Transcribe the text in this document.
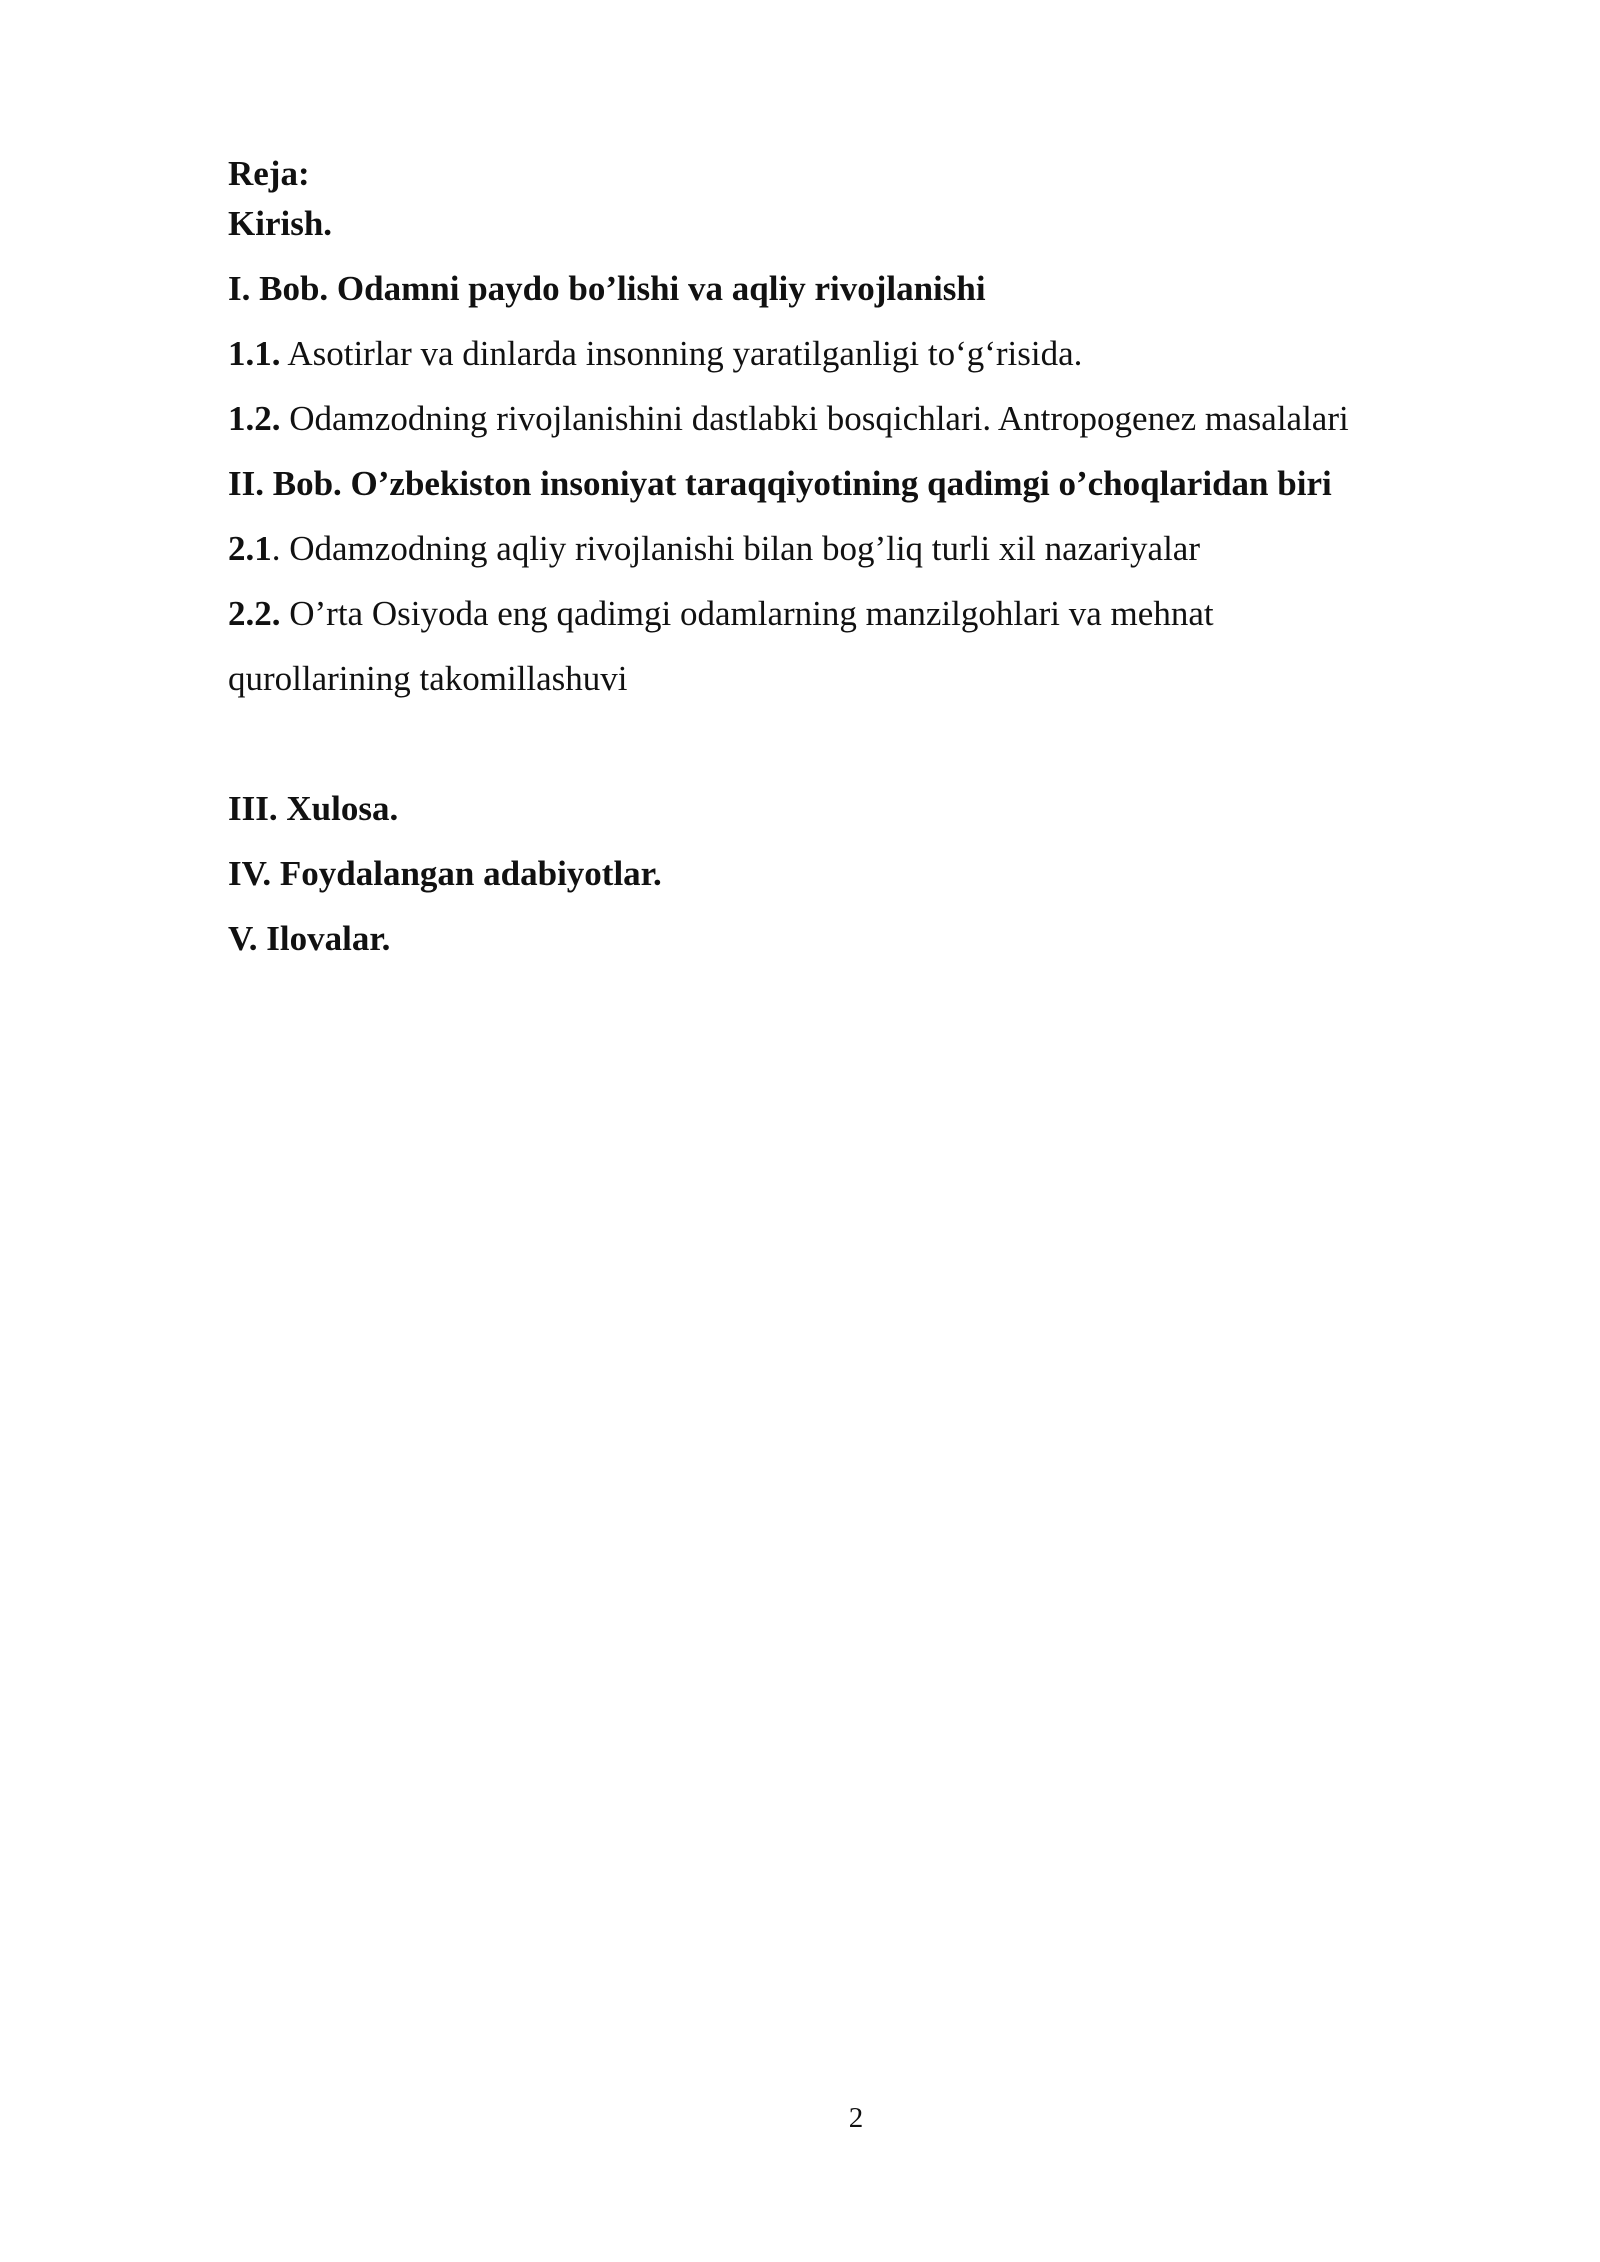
Reja:
Kirish.
I. Bob. Odamni paydo bo’lishi va aqliy rivojlanishi
1.1. Asotirlar va dinlarda insonning yaratilganligi to‘g‘risida.
1.2. Odamzodning rivojlanishini dastlabki bosqichlari. Antropogenez masalalari
II. Bob. O’zbekiston insoniyat taraqqiyotining qadimgi o’choqlaridan biri
2.1. Odamzodning aqliy rivojlanishi bilan bog’liq turli xil nazariyalar
2.2. O’rta Osiyoda eng qadimgi odamlarning manzilgohlari va mehnat
qurollarining takomillashuvi
III. Xulosa.
IV. Foydalangan adabiyotlar.
V. Ilovalar.
2
